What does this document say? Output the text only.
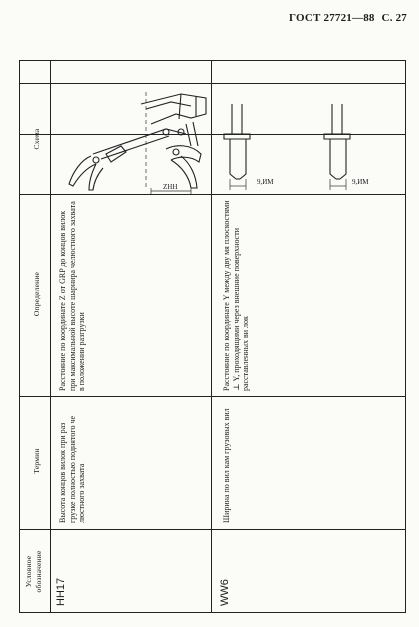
ГОСТ 27721—88 С. 27
Условное обозначение
Термин
Определение
Схема
HH17
Высота концов вилок при раз грузке полностью поднятого че люстного захвата
Расстояние по координате Z от GRP до концов вилок при максимальной высоте шарнира челюстного захвата в положении разгрузки
WW6
Ширина по вил кам грузовых вил
Расстояние по координате Y между дву мя плоскостями ⊥ Y, проходящими через внешние поверхности расставленных ви лок
ZHH
9,ИМ	9,ИМ
